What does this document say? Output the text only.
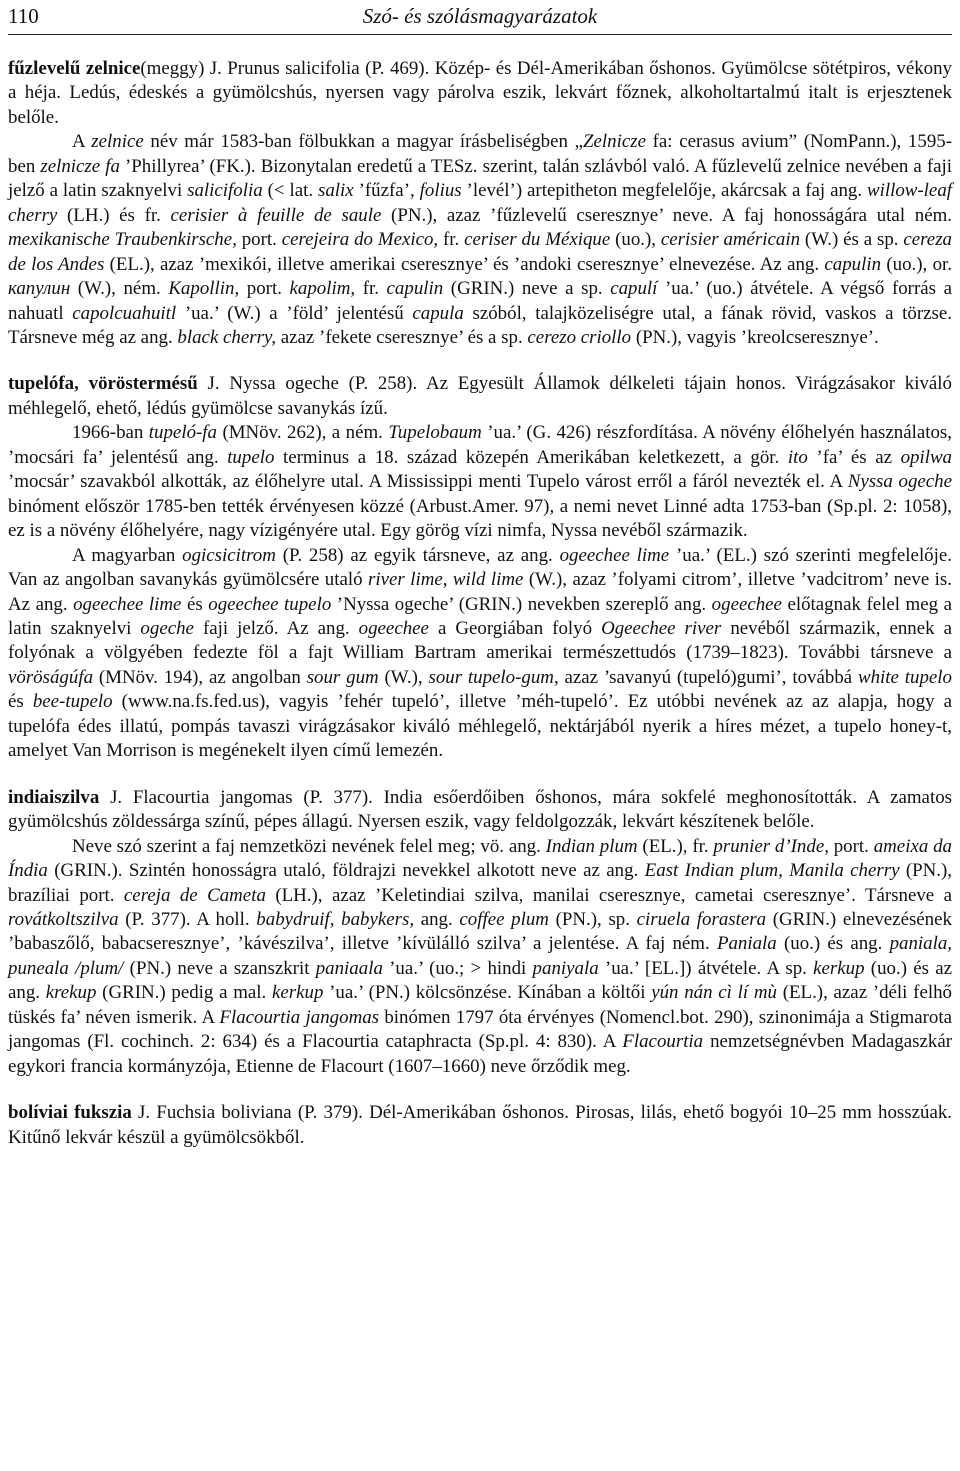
110	Szó- és szólásmagyarázatok

fűzlevelű zelnice(meggy) J. Prunus salicifolia (P. 469). Közép- és Dél-Amerikában őshonos. Gyümölcse sötétpiros, vékony a héja. Ledús, édeskés a gyümölcshús, nyersen vagy párolva eszik, lekvárt főznek, alkoholtartalmú italt is erjesztenek belőle.

A zelnice név már 1583-ban fölbukkan a magyar írásbeliségben „Zelnicze fa: cerasus avium” (NomPann.), 1595-ben zelnicze fa ’Phillyrea’ (FK.). Bizonytalan eredetű a TESz. szerint, talán szlávból való. A fűzlevelű zelnice nevében a faji jelző a latin szaknyelvi salicifolia (< lat. salix ’fűzfa’, folius ’levél’) artepitheton megfelelője, akárcsak a faj ang. willow-leaf cherry (LH.) és fr. cerisier à feuille de saule (PN.), azaz ’fűzlevelű cseresznye’ neve. A faj honosságára utal ném. mexikanische Traubenkirsche, port. cerejeira do Mexico, fr. ceriser du Méxique (uo.), cerisier américain (W.) és a sp. cereza de los Andes (EL.), azaz ’mexikói, illetve amerikai cseresznye’ és ’andoki cseresznye’ elnevezése. Az ang. capulin (uo.), or. капулин (W.), ném. Kapollin, port. kapolim, fr. capulin (GRIN.) neve a sp. capulí ’ua.’ (uo.) átvétele. A végső forrás a nahuatl capolcuahuitl ’ua.’ (W.) a ’föld’ jelentésű capula szóból, talajközeliségre utal, a fának rövid, vaskos a törzse. Társneve még az ang. black cherry, azaz ’fekete cseresznye’ és a sp. cerezo criollo (PN.), vagyis ’kreolcseresznye’.

tupelófa, vöröstermésű J. Nyssa ogeche (P. 258). Az Egyesült Államok délkeleti tájain honos. Virágzásakor kiváló méhlegelő, ehető, lédús gyümölcse savanykás ízű.

1966-ban tupeló-fa (MNöv. 262), a ném. Tupelobaum ’ua.’ (G. 426) részfordítása. A növény élőhelyén használatos, ’mocsári fa’ jelentésű ang. tupelo terminus a 18. század közepén Amerikában keletkezett, a gör. ito ’fa’ és az opilwa ’mocsár’ szavakból alkották, az élőhelyre utal. A Mississippi menti Tupelo várost erről a fáról nevezték el. A Nyssa ogeche binóment először 1785-ben tették érvényesen közzé (Arbust.Amer. 97), a nemi nevet Linné adta 1753-ban (Sp.pl. 2: 1058), ez is a növény élőhelyére, nagy vízigényére utal. Egy görög vízi nimfa, Nyssa nevéből származik.

A magyarban ogicsicitrom (P. 258) az egyik társneve, az ang. ogeechee lime ’ua.’ (EL.) szó szerinti megfelelője. Van az angolban savanykás gyümölcsére utaló river lime, wild lime (W.), azaz ’folyami citrom’, illetve ’vadcitrom’ neve is. Az ang. ogeechee lime és ogeechee tupelo ’Nyssa ogeche’ (GRIN.) nevekben szereplő ang. ogeechee előtagnak felel meg a latin szaknyelvi ogeche faji jelző. Az ang. ogeechee a Georgiában folyó Ogeechee river nevéből származik, ennek a folyónak a völgyében fedezte föl a fajt William Bartram amerikai természettudós (1739–1823). További társneve a vöröságúfa (MNöv. 194), az angolban sour gum (W.), sour tupelo-gum, azaz ’savanyú (tupeló)gumi’, továbbá white tupelo és bee-tupelo (www.na.fs.fed.us), vagyis ’fehér tupeló’, illetve ’méh-tupeló’. Ez utóbbi nevének az az alapja, hogy a tupelófa édes illatú, pompás tavaszi virágzásakor kiváló méhlegelő, nektárjából nyerik a híres mézet, a tupelo honey-t, amelyet Van Morrison is megénekelt ilyen című lemezén.

indiaiszilva J. Flacourtia jangomas (P. 377). India esőerdőiben őshonos, mára sokfelé meghonosították. A zamatos gyümölcshús zöldessárga színű, pépes állagú. Nyersen eszik, vagy feldolgozzák, lekvárt készítenek belőle.

Neve szó szerint a faj nemzetközi nevének felel meg; vö. ang. Indian plum (EL.), fr. prunier d’Inde, port. ameixa da Índia (GRIN.). Szintén honosságra utaló, földrajzi nevekkel alkotott neve az ang. East Indian plum, Manila cherry (PN.), brazíliai port. cereja de Cameta (LH.), azaz ’Keletindiai szilva, manilai cseresznye, cametai cseresznye’. Társneve a rovátkoltszilva (P. 377). A holl. babydruif, babykers, ang. coffee plum (PN.), sp. ciruela forastera (GRIN.) elnevezésének ’babaszőlő, babacseresznye’, ’kávészilva’, illetve ’kívülálló szilva’ a jelentése. A faj ném. Paniala (uo.) és ang. paniala, puneala /plum/ (PN.) neve a szanszkrit paniaala ’ua.’ (uo.; > hindi paniyala ’ua.’ [EL.]) átvétele. A sp. kerkup (uo.) és az ang. krekup (GRIN.) pedig a mal. kerkup ’ua.’ (PN.) kölcsönzése. Kínában a költői yún nán cì lí mù (EL.), azaz ’déli felhő tüskés fa’ néven ismerik. A Flacourtia jangomas binómen 1797 óta érvényes (Nomencl.bot. 290), szinonimája a Stigmarota jangomas (Fl. cochinch. 2: 634) és a Flacourtia cataphracta (Sp.pl. 4: 830). A Flacourtia nemzetségnévben Madagaszkár egykori francia kormányzója, Etienne de Flacourt (1607–1660) neve őrződik meg.

bolíviai fukszia J. Fuchsia boliviana (P. 379). Dél-Amerikában őshonos. Pirosas, lilás, ehető bogyói 10–25 mm hosszúak. Kitűnő lekvár készül a gyümölcsökből.
